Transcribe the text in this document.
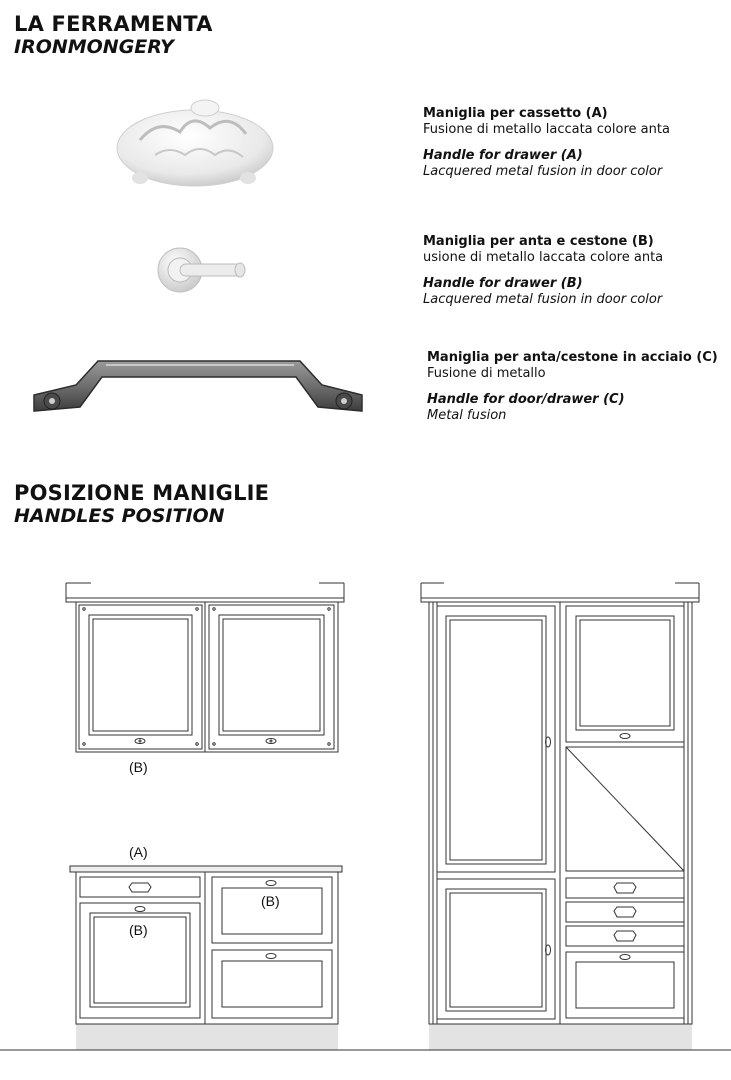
LA FERRAMENTA
IRONMONGERY
Maniglia per cassetto (A)
Fusione di metallo laccata colore anta
Handle for drawer (A)
Lacquered metal fusion in door color
Maniglia per anta e cestone (B)
usione di metallo laccata colore anta
Handle for drawer (B)
Lacquered metal fusion in door color
Maniglia per anta/cestone in acciaio (C)
Fusione di metallo
Handle for door/drawer (C)
Metal fusion
POSIZIONE MANIGLIE
HANDLES POSITION
(B)
(A)
(B)
(B)
